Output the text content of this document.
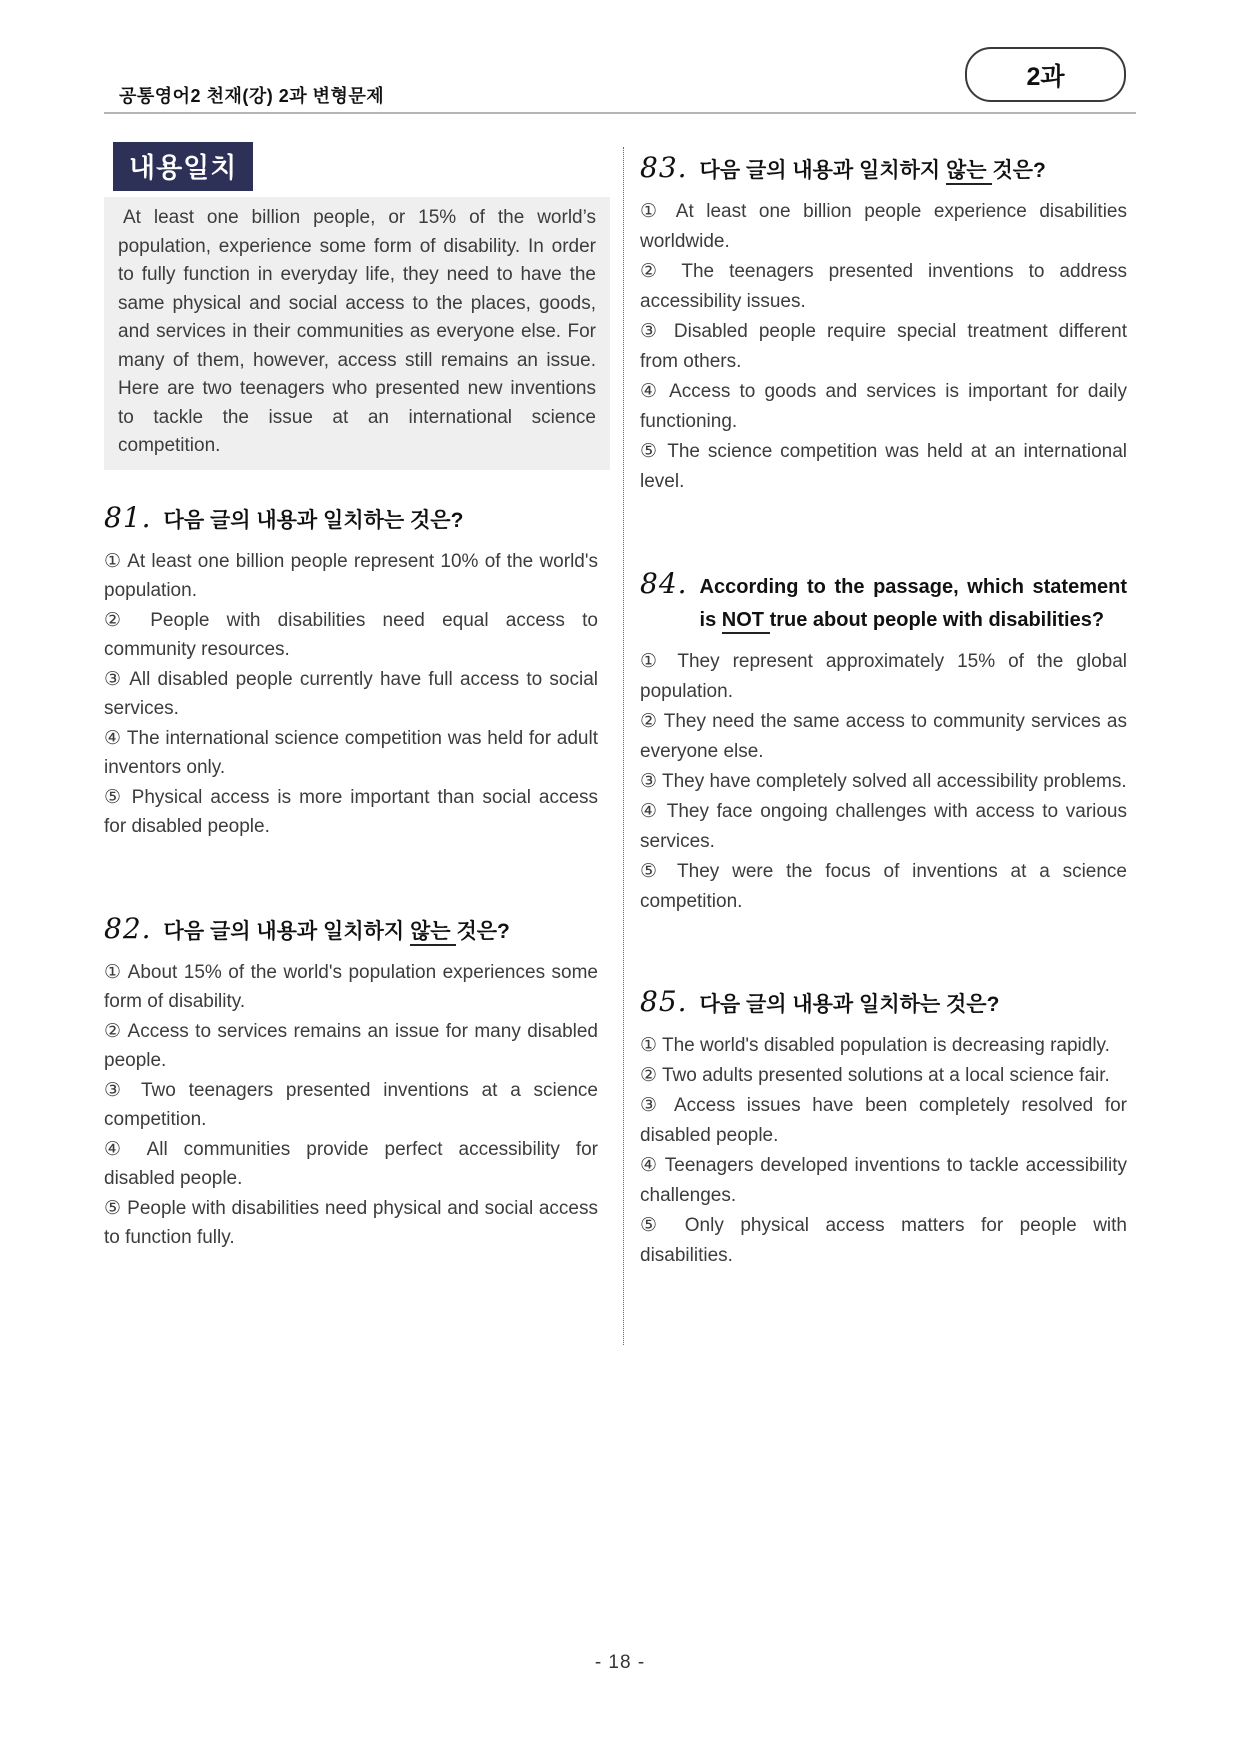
공통영어2 천재(강) 2과 변형문제
2과
내용일치
At least one billion people, or 15% of the world’s population, experience some form of disability. In order to fully function in everyday life, they need to have the same physical and social access to the places, goods, and services in their communities as everyone else. For many of them, however, access still remains an issue. Here are two teenagers who presented new inventions to tackle the issue at an international science competition.
81. 다음 글의 내용과 일치하는 것은?

① At least one billion people represent 10% of the world's population.

② People with disabilities need equal access to community resources.

③ All disabled people currently have full access to social services.

④ The international science competition was held for adult inventors only.

⑤ Physical access is more important than social access for disabled people.

82. 다음 글의 내용과 일치하지 않는 것은?

① About 15% of the world's population experiences some form of disability.

② Access to services remains an issue for many disabled people.

③ Two teenagers presented inventions at a science competition.

④ All communities provide perfect accessibility for disabled people.

⑤ People with disabilities need physical and social access to function fully.

83. 다음 글의 내용과 일치하지 않는 것은?

① At least one billion people experience disabilities worldwide.

② The teenagers presented inventions to address accessibility issues.

③ Disabled people require special treatment different from others.

④ Access to goods and services is important for daily functioning.

⑤ The science competition was held at an international level.

84. According to the passage, which statement is NOT true about people with disabilities?

① They represent approximately 15% of the global population.

② They need the same access to community services as everyone else.

③ They have completely solved all accessibility problems.

④ They face ongoing challenges with access to various services.

⑤ They were the focus of inventions at a science competition.

85. 다음 글의 내용과 일치하는 것은?

① The world's disabled population is decreasing rapidly.

② Two adults presented solutions at a local science fair.

③ Access issues have been completely resolved for disabled people.

④ Teenagers developed inventions to tackle accessibility challenges.

⑤ Only physical access matters for people with disabilities.

- 18 -
